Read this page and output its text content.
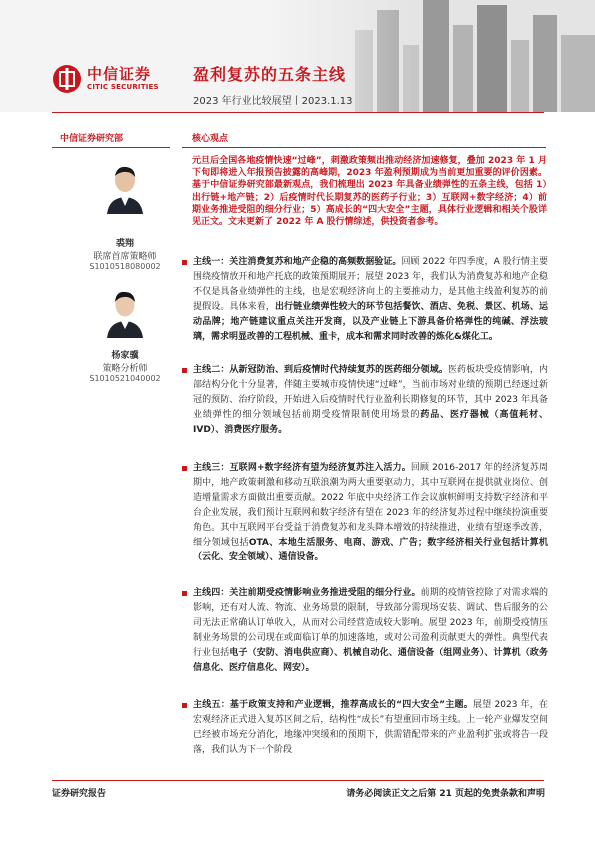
中信证券
CITIC SECURITIES
盈利复苏的五条主线
2023 年行业比较展望丨2023.1.13
中信证券研究部
裘翔
联席首席策略师
S1010518080002
杨家骥
策略分析师
S1010521040002
核心观点
元旦后全国各地疫情快速“过峰”，刺激政策频出推动经济加速修复，叠加 2023 年 1 月下旬即将进入年报预告披露的高峰期，2023 年盈利预期成为当前更加重要的评价因素。基于中信证券研究部最新观点，我们梳理出 2023 年具备业绩弹性的五条主线，包括 1）出行链+地产链；2）后疫情时代长期复苏的医药子行业；3）互联网+数字经济；4）前期业务推进受阻的细分行业；5）高成长的“四大安全”主题，具体行业逻辑和相关个股详见正文。文末更新了 2022 年 A 股行情综述，供投资者参考。
主线一：关注消费复苏和地产企稳的高频数据验证。回顾 2022 年四季度，A 股行情主要围绕疫情放开和地产托底的政策预期展开；展望 2023 年，我们认为消费复苏和地产企稳不仅是具备业绩弹性的主线，也是宏观经济向上的主要推动力，是其他主线盈利复苏的前提假设。具体来看，出行链业绩弹性较大的环节包括餐饮、酒店、免税、景区、机场、运动品牌；地产链建议重点关注开发商，以及产业链上下游具备价格弹性的纯碱、浮法玻璃，需求明显改善的工程机械、重卡，成本和需求同时改善的炼化&煤化工。
主线二：从新冠防治、到后疫情时代持续复苏的医药细分领域。医药板块受疫情影响，内部结构分化十分显著，伴随主要城市疫情快速“过峰”，当前市场对业绩的预期已经逐过新冠的预防、治疗阶段，开始进入后疫情时代行业盈利长期修复的环节，其中 2023 年具备业绩弹性的细分领域包括前期受疫情限制使用场景的药品、医疗器械（高值耗材、IVD）、消费医疗服务。
主线三：互联网+数字经济有望为经济复苏注入活力。回顾 2016-2017 年的经济复苏周期中，地产政策刺激和移动互联浪潮为两大重要驱动力，其中互联网在提供就业岗位、创造增量需求方面做出重要贡献。2022 年底中央经济工作会议旗帜鲜明支持数字经济和平台企业发展，我们预计互联网和数字经济有望在 2023 年的经济复苏过程中继续扮演重要角色。其中互联网平台受益于消费复苏和龙头降本增效的持续推进，业绩有望逐季改善，细分领域包括OTA、本地生活服务、电商、游戏、广告；数字经济相关行业包括计算机（云化、安全领域）、通信设备。
主线四：关注前期受疫情影响业务推进受阻的细分行业。前期的疫情管控除了对需求端的影响，还有对人流、物流、业务场景的限制，导致部分需现场安装、调试、售后服务的公司无法正常确认订单收入，从而对公司经营造成较大影响。展望 2023 年，前期受疫情压制业务场景的公司现在或面临订单的加速落地，或对公司盈利贡献更大的弹性。典型代表行业包括电子（安防、消电供应商）、机械自动化、通信设备（组网业务）、计算机（政务信息化、医疗信息化、网安）。
主线五：基于政策支持和产业逻辑，推荐高成长的“四大安全”主题。展望 2023 年，在宏观经济正式进入复苏区间之后，结构性“成长”有望重回市场主线。上一轮产业爆发空间已经被市场充分消化，地缘冲突缓和的预期下，供需错配带来的产业盈利扩张或将告一段落，我们认为下一个阶段
证券研究报告	请务必阅读正文之后第 21 页起的免责条款和声明
